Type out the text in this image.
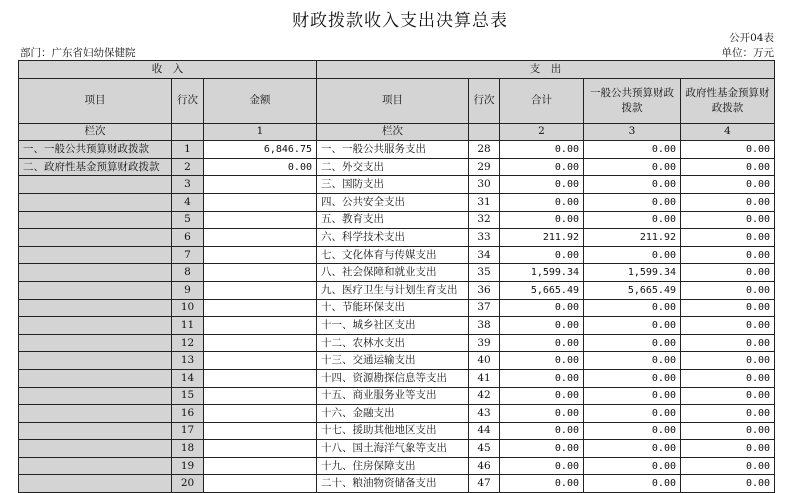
财政拨款收入支出决算总表
公开04表
部门：广东省妇幼保健院	单位：万元
收　入			支　出				
项目	行次	金额	项目	行次	合计	一般公共预算财政拨款	政府性基金预算财政拨款
栏次		1	栏次		2	3	4
一、一般公共预算财政拨款	1	6,846.75	一、一般公共服务支出	28	0.00	0.00	0.00
二、政府性基金预算财政拨款	2	0.00	二、外交支出	29	0.00	0.00	0.00
	3		三、国防支出	30	0.00	0.00	0.00
	4		四、公共安全支出	31	0.00	0.00	0.00
	5		五、教育支出	32	0.00	0.00	0.00
	6		六、科学技术支出	33	211.92	211.92	0.00
	7		七、文化体育与传媒支出	34	0.00	0.00	0.00
	8		八、社会保障和就业支出	35	1,599.34	1,599.34	0.00
	9		九、医疗卫生与计划生育支出	36	5,665.49	5,665.49	0.00
	10		十、节能环保支出	37	0.00	0.00	0.00
	11		十一、城乡社区支出	38	0.00	0.00	0.00
	12		十二、农林水支出	39	0.00	0.00	0.00
	13		十三、交通运输支出	40	0.00	0.00	0.00
	14		十四、资源勘探信息等支出	41	0.00	0.00	0.00
	15		十五、商业服务业等支出	42	0.00	0.00	0.00
	16		十六、金融支出	43	0.00	0.00	0.00
	17		十七、援助其他地区支出	44	0.00	0.00	0.00
	18		十八、国土海洋气象等支出	45	0.00	0.00	0.00
	19		十九、住房保障支出	46	0.00	0.00	0.00
	20		二十、粮油物资储备支出	47	0.00	0.00	0.00
